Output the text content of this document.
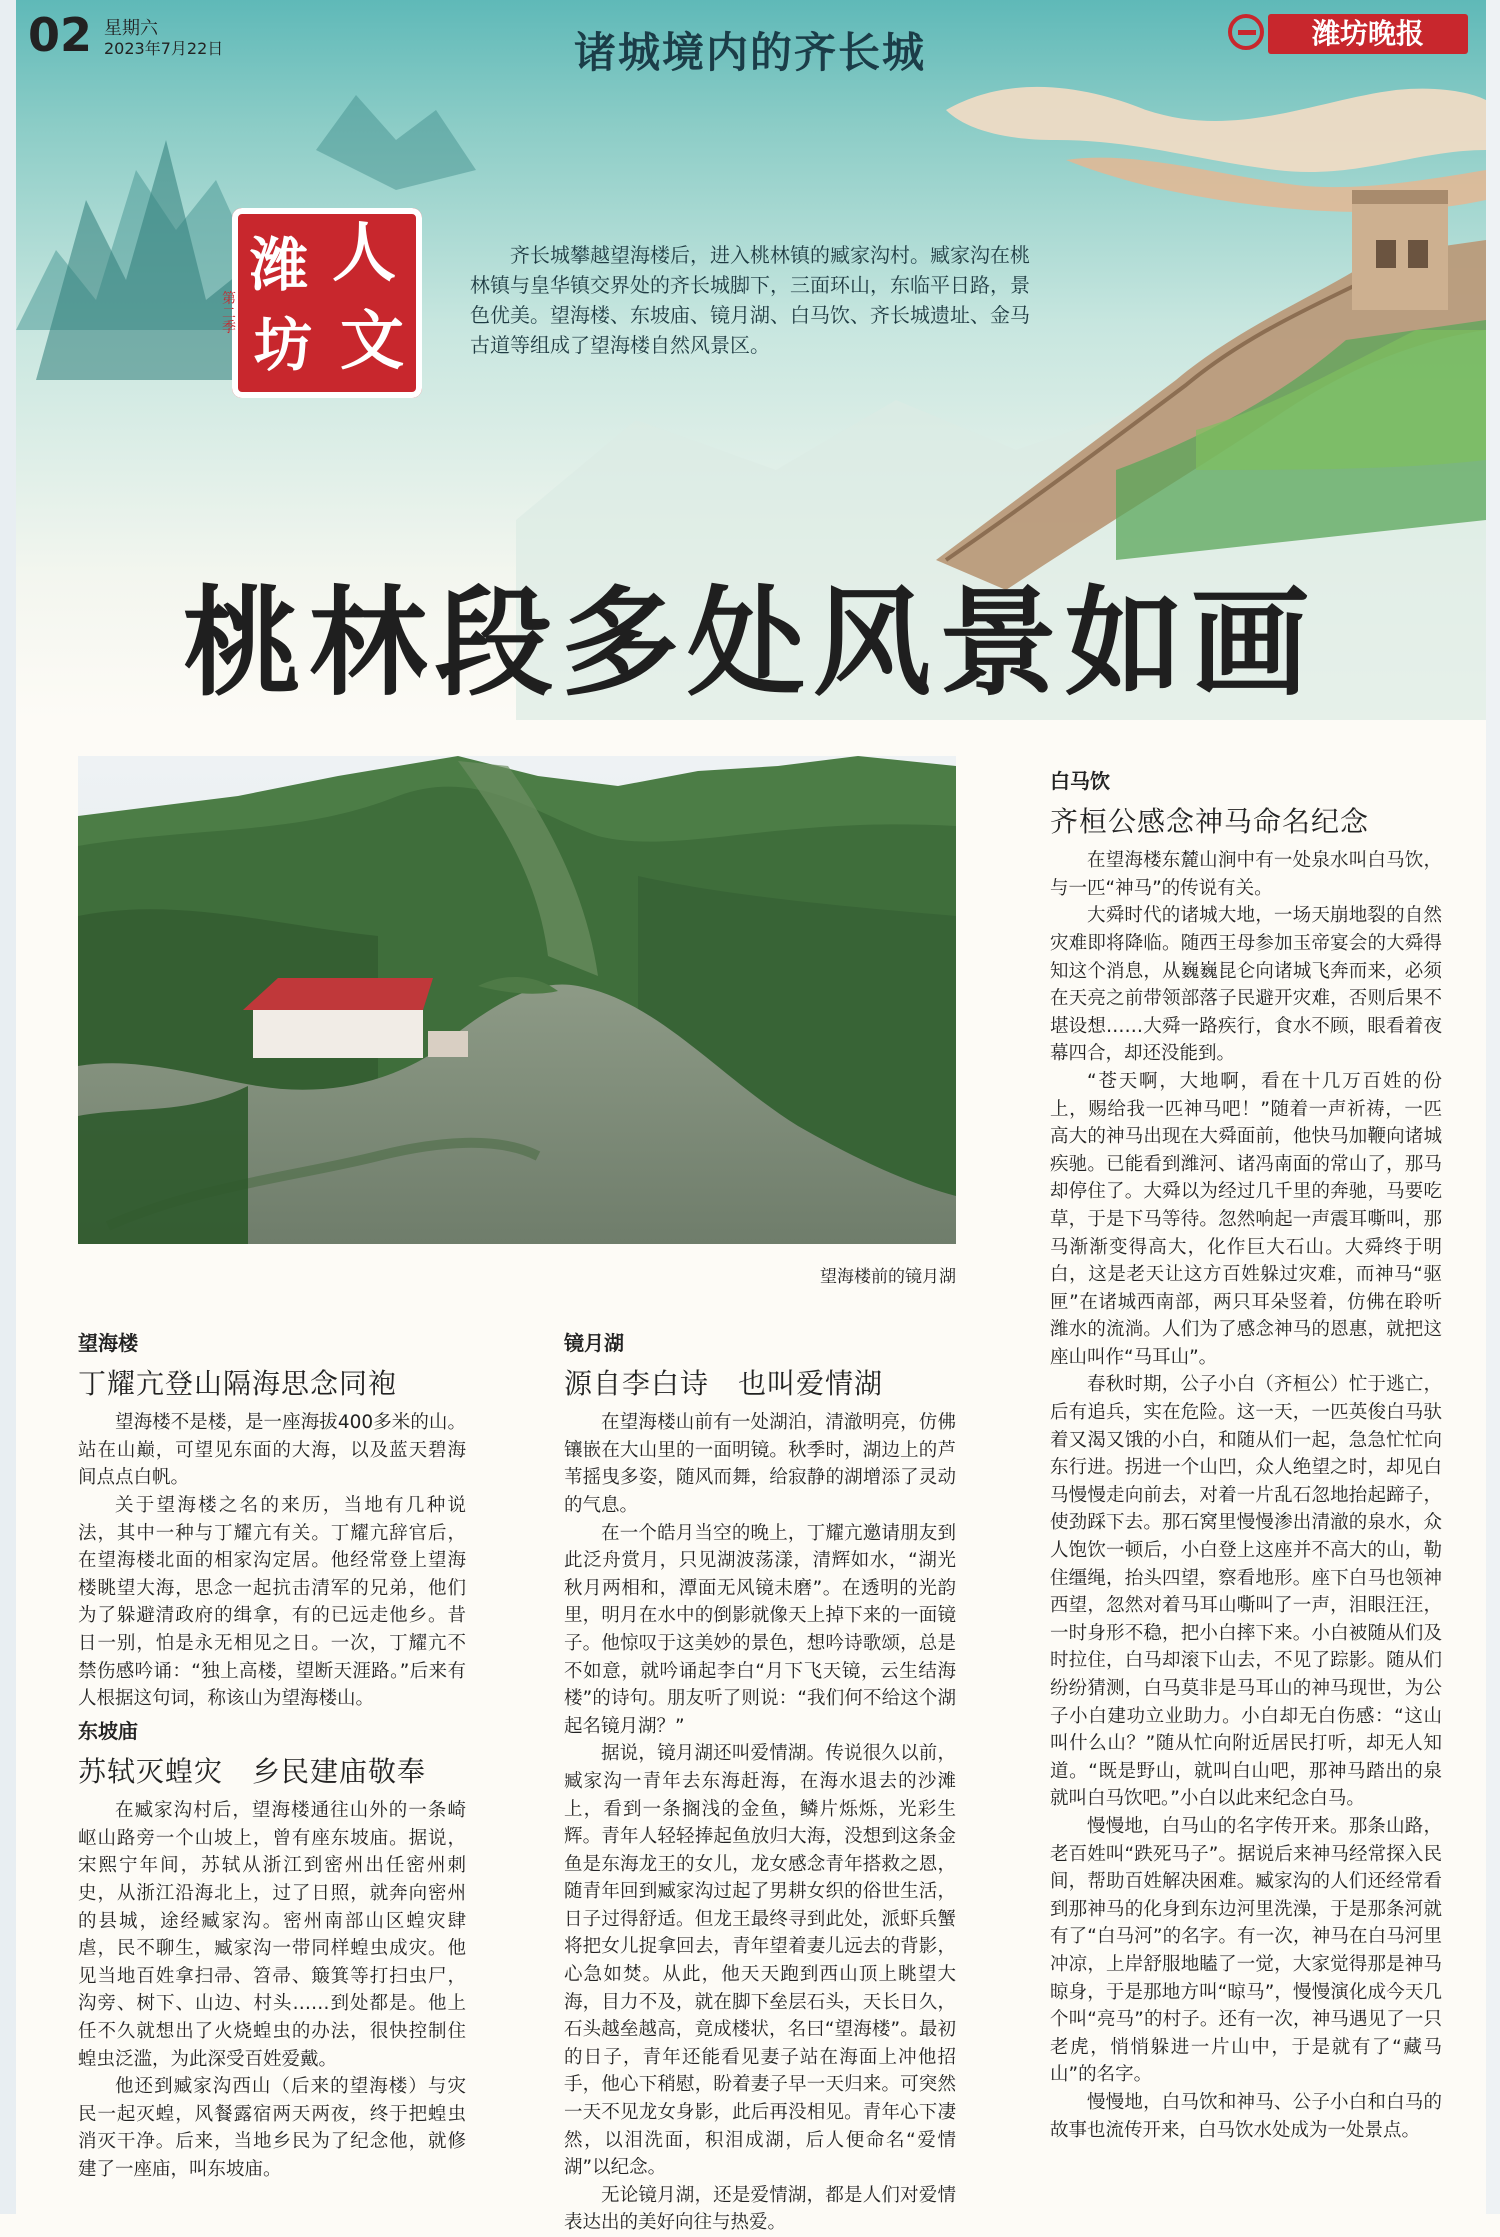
02 星期六
2023年7月22日	诸城境内的齐长城	潍坊晚报
潍 人
坊 文
第二季
齐长城攀越望海楼后，进入桃林镇的臧家沟村。臧家沟在桃林镇与皇华镇交界处的齐长城脚下，三面环山，东临平日路，景色优美。望海楼、东坡庙、镜月湖、白马饮、齐长城遗址、金马古道等组成了望海楼自然风景区。
桃林段多处风景如画
望海楼前的镜月湖
望海楼
丁耀亢登山隔海思念同袍

望海楼不是楼，是一座海拔400多米的山。站在山巅，可望见东面的大海，以及蓝天碧海间点点白帆。

关于望海楼之名的来历，当地有几种说法，其中一种与丁耀亢有关。丁耀亢辞官后，在望海楼北面的相家沟定居。他经常登上望海楼眺望大海，思念一起抗击清军的兄弟，他们为了躲避清政府的缉拿，有的已远走他乡。昔日一别，怕是永无相见之日。一次，丁耀亢不禁伤感吟诵：“独上高楼，望断天涯路。”后来有人根据这句词，称该山为望海楼山。

东坡庙
苏轼灭蝗灾　乡民建庙敬奉

在臧家沟村后，望海楼通往山外的一条崎岖山路旁一个山坡上，曾有座东坡庙。据说，宋熙宁年间，苏轼从浙江到密州出任密州刺史，从浙江沿海北上，过了日照，就奔向密州的县城，途经臧家沟。密州南部山区蝗灾肆虐，民不聊生，臧家沟一带同样蝗虫成灾。他见当地百姓拿扫帚、笤帚、簸箕等打扫虫尸，沟旁、树下、山边、村头……到处都是。他上任不久就想出了火烧蝗虫的办法，很快控制住蝗虫泛滥，为此深受百姓爱戴。

他还到臧家沟西山（后来的望海楼）与灾民一起灭蝗，风餐露宿两天两夜，终于把蝗虫消灭干净。后来，当地乡民为了纪念他，就修建了一座庙，叫东坡庙。

镜月湖
源自李白诗　也叫爱情湖

在望海楼山前有一处湖泊，清澈明亮，仿佛镶嵌在大山里的一面明镜。秋季时，湖边上的芦苇摇曳多姿，随风而舞，给寂静的湖增添了灵动的气息。

在一个皓月当空的晚上，丁耀亢邀请朋友到此泛舟赏月，只见湖波荡漾，清辉如水，“湖光秋月两相和，潭面无风镜未磨”。在透明的光韵里，明月在水中的倒影就像天上掉下来的一面镜子。他惊叹于这美妙的景色，想吟诗歌颂，总是不如意，就吟诵起李白“月下飞天镜，云生结海楼”的诗句。朋友听了则说：“我们何不给这个湖起名镜月湖？”

据说，镜月湖还叫爱情湖。传说很久以前，臧家沟一青年去东海赶海，在海水退去的沙滩上，看到一条搁浅的金鱼，鳞片烁烁，光彩生辉。青年人轻轻捧起鱼放归大海，没想到这条金鱼是东海龙王的女儿，龙女感念青年搭救之恩，随青年回到臧家沟过起了男耕女织的俗世生活，日子过得舒适。但龙王最终寻到此处，派虾兵蟹将把女儿捉拿回去，青年望着妻儿远去的背影，心急如焚。从此，他天天跑到西山顶上眺望大海，目力不及，就在脚下垒层石头，天长日久，石头越垒越高，竟成楼状，名曰“望海楼”。最初的日子，青年还能看见妻子站在海面上冲他招手，他心下稍慰，盼着妻子早一天归来。可突然一天不见龙女身影，此后再没相见。青年心下凄然，以泪洗面，积泪成湖，后人便命名“爱情湖”以纪念。

无论镜月湖，还是爱情湖，都是人们对爱情表达出的美好向往与热爱。

白马饮
齐桓公感念神马命名纪念

在望海楼东麓山涧中有一处泉水叫白马饮，与一匹“神马”的传说有关。

大舜时代的诸城大地，一场天崩地裂的自然灾难即将降临。随西王母参加玉帝宴会的大舜得知这个消息，从巍巍昆仑向诸城飞奔而来，必须在天亮之前带领部落子民避开灾难，否则后果不堪设想……大舜一路疾行，食水不顾，眼看着夜幕四合，却还没能到。

“苍天啊，大地啊，看在十几万百姓的份上，赐给我一匹神马吧！”随着一声祈祷，一匹高大的神马出现在大舜面前，他快马加鞭向诸城疾驰。已能看到潍河、诸冯南面的常山了，那马却停住了。大舜以为经过几千里的奔驰，马要吃草，于是下马等待。忽然响起一声震耳嘶叫，那马渐渐变得高大，化作巨大石山。大舜终于明白，这是老天让这方百姓躲过灾难，而神马“驱匣”在诸城西南部，两只耳朵竖着，仿佛在聆听潍水的流淌。人们为了感念神马的恩惠，就把这座山叫作“马耳山”。

春秋时期，公子小白（齐桓公）忙于逃亡，后有追兵，实在危险。这一天，一匹英俊白马驮着又渴又饿的小白，和随从们一起，急急忙忙向东行进。拐进一个山凹，众人绝望之时，却见白马慢慢走向前去，对着一片乱石忽地抬起蹄子，使劲踩下去。那石窝里慢慢渗出清澈的泉水，众人饱饮一顿后，小白登上这座并不高大的山，勒住缰绳，抬头四望，察看地形。座下白马也领神西望，忽然对着马耳山嘶叫了一声，泪眼汪汪，一时身形不稳，把小白摔下来。小白被随从们及时拉住，白马却滚下山去，不见了踪影。随从们纷纷猜测，白马莫非是马耳山的神马现世，为公子小白建功立业助力。小白却无白伤感：“这山叫什么山？”随从忙向附近居民打听，却无人知道。“既是野山，就叫白山吧，那神马踏出的泉就叫白马饮吧。”小白以此来纪念白马。

慢慢地，白马山的名字传开来。那条山路，老百姓叫“跌死马子”。据说后来神马经常探入民间，帮助百姓解决困难。臧家沟的人们还经常看到那神马的化身到东边河里洗澡，于是那条河就有了“白马河”的名字。有一次，神马在白马河里冲凉，上岸舒服地瞌了一觉，大家觉得那是神马晾身，于是那地方叫“晾马”，慢慢演化成今天几个叫“亮马”的村子。还有一次，神马遇见了一只老虎，悄悄躲进一片山中，于是就有了“藏马山”的名字。

慢慢地，白马饮和神马、公子小白和白马的故事也流传开来，白马饮水处成为一处景点。
